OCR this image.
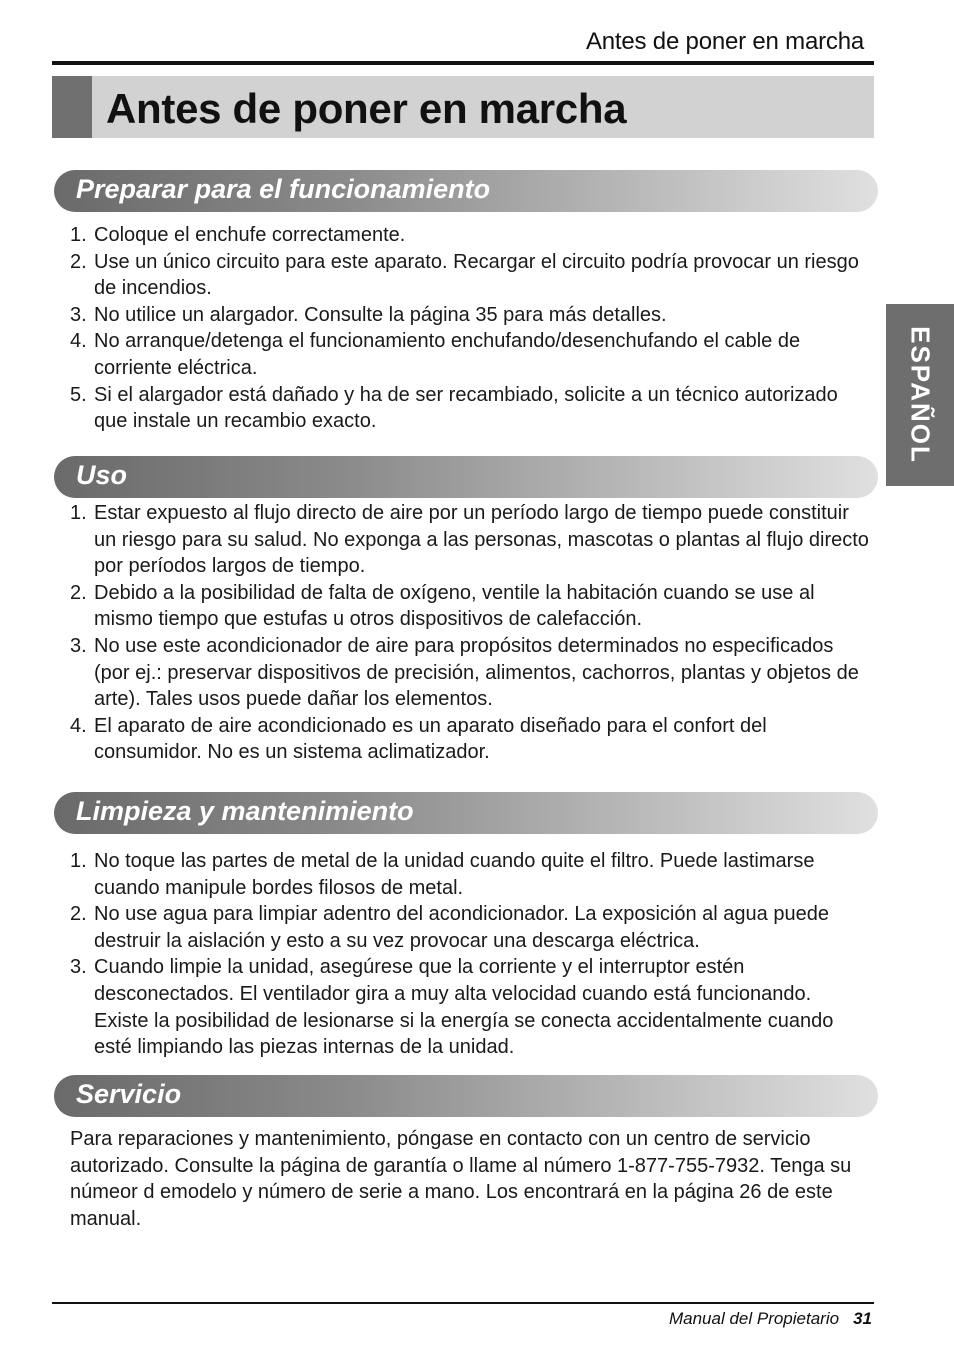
Antes de poner en marcha
Antes de poner en marcha
ESPAÑOL
Preparar para el funcionamiento
1. Coloque el enchufe correctamente.
2. Use un único circuito para este aparato. Recargar el circuito podría provocar un riesgo de incendios.
3. No utilice un alargador. Consulte la página 35 para más detalles.
4. No arranque/detenga el funcionamiento enchufando/desenchufando el cable de corriente eléctrica.
5. Si el alargador está dañado y ha de ser recambiado, solicite a un técnico autorizado que instale un recambio exacto.
Uso
1. Estar expuesto al flujo directo de aire por un período largo de tiempo puede constituir un riesgo para su salud. No exponga a las personas, mascotas o plantas al flujo directo por períodos largos de tiempo.
2. Debido a la posibilidad de falta de oxígeno, ventile la habitación cuando se use al mismo tiempo que estufas u otros dispositivos de calefacción.
3. No use este acondicionador de aire para propósitos determinados no especificados (por ej.: preservar dispositivos de precisión, alimentos, cachorros, plantas y objetos de arte). Tales usos puede dañar los elementos.
4. El aparato de aire acondicionado es un aparato diseñado para el confort del consumidor. No es un sistema aclimatizador.
Limpieza y mantenimiento
1. No toque las partes de metal de la unidad cuando quite el filtro. Puede lastimarse cuando manipule bordes filosos de metal.
2. No use agua para limpiar adentro del acondicionador. La exposición al agua puede destruir la aislación y esto a su vez provocar una descarga eléctrica.
3. Cuando limpie la unidad, asegúrese que la corriente y el interruptor estén desconectados. El ventilador gira a muy alta velocidad cuando está funcionando. Existe la posibilidad de lesionarse si la energía se conecta accidentalmente cuando esté limpiando las piezas internas de la unidad.
Servicio

Para reparaciones y mantenimiento, póngase en contacto con un centro de servicio autorizado. Consulte la página de garantía o llame al número 1-877-755-7932. Tenga su númeor d emodelo y número de serie a mano. Los encontrará en la página 26 de este manual.

Manual del Propietario 31
